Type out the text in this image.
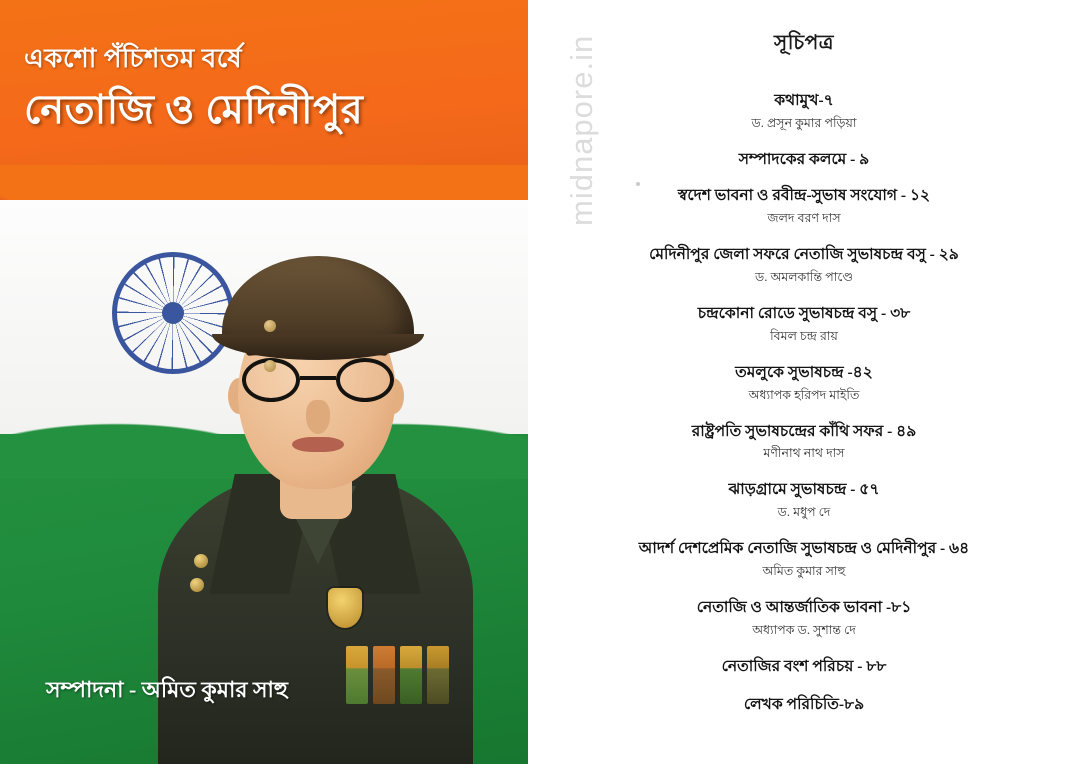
একশো পঁচিশতম বর্ষে
নেতাজি ও মেদিনীপুর
সম্পাদনা - অমিত কুমার সাহু
midnapore.in	সূচিপত্র
কথামুখ-৭
ড. প্রসূন কুমার পড়িয়া
সম্পাদকের কলমে - ৯
স্বদেশ ভাবনা ও রবীন্দ্র-সুভাষ সংযোগ - ১২
জলদ বরণ দাস
মেদিনীপুর জেলা সফরে নেতাজি সুভাষচন্দ্র বসু - ২৯
ড. অমলকান্তি পাণ্ডে
চন্দ্রকোনা রোডে সুভাষচন্দ্র বসু - ৩৮
বিমল চন্দ্র রায়
তমলুকে সুভাষচন্দ্র -৪২
অধ্যাপক হরিপদ মাইতি
রাষ্ট্রপতি সুভাষচন্দ্রের কাঁথি সফর - ৪৯
মণীনাথ নাথ দাস
ঝাড়গ্রামে সুভাষচন্দ্র - ৫৭
ড. মধুপ দে
আদর্শ দেশপ্রেমিক নেতাজি সুভাষচন্দ্র ও মেদিনীপুর - ৬৪
অমিত কুমার সাহু
নেতাজি ও আন্তর্জাতিক ভাবনা -৮১
অধ্যাপক ড. সুশান্ত দে
নেতাজির বংশ পরিচয় - ৮৮
লেখক পরিচিতি-৮৯
